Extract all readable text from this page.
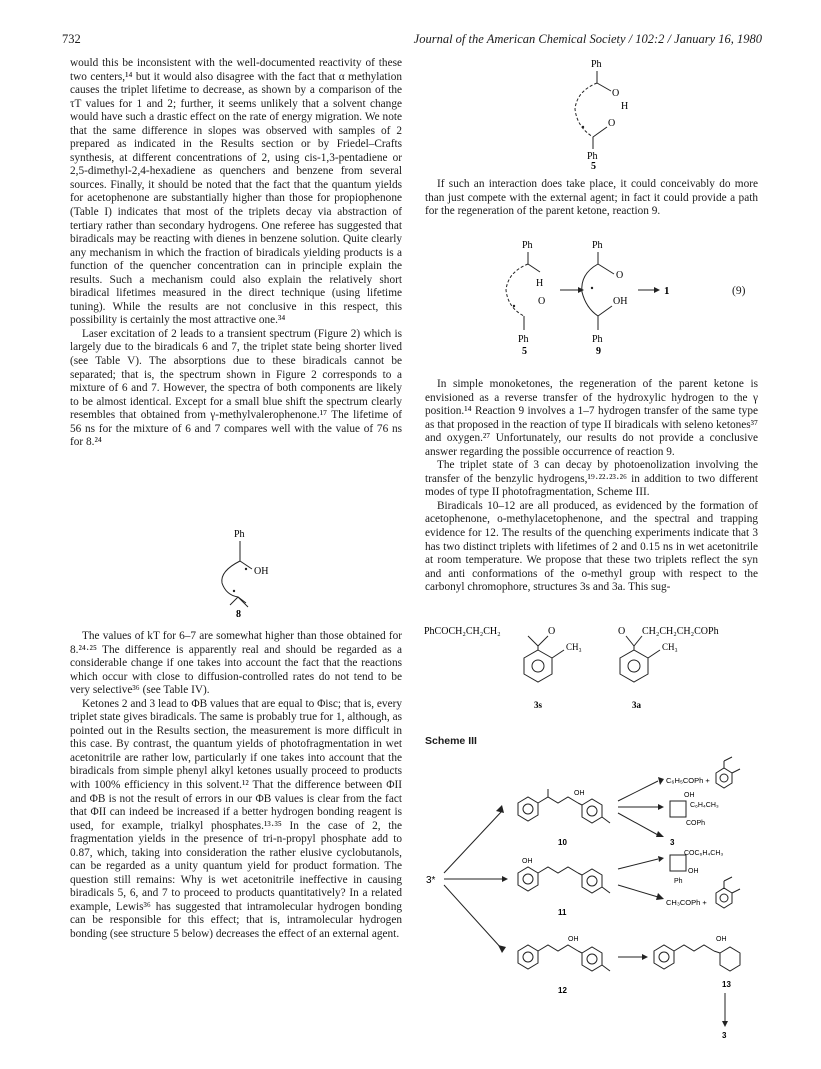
732	Journal of the American Chemical Society / 102:2 / January 16, 1980

would this be inconsistent with the well-documented reactivity of these two centers,¹⁴ but it would also disagree with the fact that α methylation causes the triplet lifetime to decrease, as shown by a comparison of the τT values for 1 and 2; further, it seems unlikely that a solvent change would have such a drastic effect on the rate of energy migration. We note that the same difference in slopes was observed with samples of 2 prepared as indicated in the Results section or by Friedel–Crafts synthesis, at different concentrations of 2, using cis-1,3-pentadiene or 2,5-dimethyl-2,4-hexadiene as quenchers and benzene from several sources. Finally, it should be noted that the fact that the quantum yields for acetophenone are substantially higher than those for propiophenone (Table I) indicates that most of the triplets decay via abstraction of tertiary rather than secondary hydrogens. One referee has suggested that biradicals may be reacting with dienes in benzene solution. Quite clearly any mechanism in which the fraction of biradicals yielding products is a function of the quencher concentration can in principle explain the results. Such a mechanism could also explain the relatively short biradical lifetimes measured in the direct technique (using lifetime tuning). While the results are not conclusive in this respect, this possibility is certainly the most attractive one.³⁴

Laser excitation of 2 leads to a transient spectrum (Figure 2) which is largely due to the biradicals 6 and 7, the triplet state being shorter lived (see Table V). The absorptions due to these biradicals cannot be separated; that is, the spectrum shown in Figure 2 corresponds to a mixture of 6 and 7. However, the spectra of both components are likely to be almost identical. Except for a small blue shift the spectrum clearly resembles that obtained from γ-methylvalerophenone.¹⁷ The lifetime of 56 ns for the mixture of 6 and 7 compares well with the value of 76 ns for 8.²⁴

Ph
OH
8

The values of kT for 6–7 are somewhat higher than those obtained for 8.²⁴·²⁵ The difference is apparently real and should be regarded as a considerable change if one takes into account the fact that the reactions which occur with close to diffusion-controlled rates do not tend to be very selective³⁶ (see Table IV).

Ketones 2 and 3 lead to ΦB values that are equal to Φisc; that is, every triplet state gives biradicals. The same is probably true for 1, although, as pointed out in the Results section, the measurement is more difficult in this case. By contrast, the quantum yields of photofragmentation in wet acetonitrile are rather low, particularly if one takes into account that the biradicals from simple phenyl alkyl ketones usually proceed to products with 100% efficiency in this solvent.¹² That the difference between ΦII and ΦB is not the result of errors in our ΦB values is clear from the fact that ΦII can indeed be increased if a better hydrogen bonding reagent is used, for example, trialkyl phosphates.¹³·³⁵ In the case of 2, the fragmentation yields in the presence of tri-n-propyl phosphate add to 0.87, which, taking into consideration the rather elusive cyclobutanols, can be regarded as a unity quantum yield for product formation. The question still remains: Why is wet acetonitrile ineffective in causing biradicals 5, 6, and 7 to proceed to products quantitatively? In a related example, Lewis³⁶ has suggested that intramolecular hydrogen bonding can be responsible for this effect; that is, intramolecular hydrogen bonding (see structure 5 below) decreases the effect of an external agent.

Ph
O
H
O
Ph
5

If such an interaction does take place, it could conceivably do more than just compete with the external agent; in fact it could provide a path for the regeneration of the parent ketone, reaction 9.

Ph
H
O
Ph
5
Ph
O
OH
Ph
9
1	(9)

In simple monoketones, the regeneration of the parent ketone is envisioned as a reverse transfer of the hydroxylic hydrogen to the γ position.¹⁴ Reaction 9 involves a 1–7 hydrogen transfer of the same type as that proposed in the reaction of type II biradicals with seleno ketones³⁷ and oxygen.²⁷ Unfortunately, our results do not provide a conclusive answer regarding the possible occurrence of reaction 9.

The triplet state of 3 can decay by photoenolization involving the transfer of the benzylic hydrogens,¹⁹·²²·²³·²⁶ in addition to two different modes of type II photofragmentation, Scheme III.

Biradicals 10–12 are all produced, as evidenced by the formation of acetophenone, o-methylacetophenone, and the spectral and trapping evidence for 12. The results of the quenching experiments indicate that 3 has two distinct triplets with lifetimes of 2 and 0.15 ns in wet acetonitrile at room temperature. We propose that these two triplets reflect the syn and anti conformations of the o-methyl group with respect to the carbonyl chromophore, structures 3s and 3a. This sug-

PhCOCH₂CH₂CH₂	O
CH₃
3s
O CH₂CH₂CH₂COPh
CH₃
3a
Scheme III
3*
OH
10
C₆H₅COPh +
OH
C₆H₄CH₃
COPh
3
OH
11
COC₆H₄CH₃
OH
Ph
CH₃COPh +
OH
12
OH
13
3
